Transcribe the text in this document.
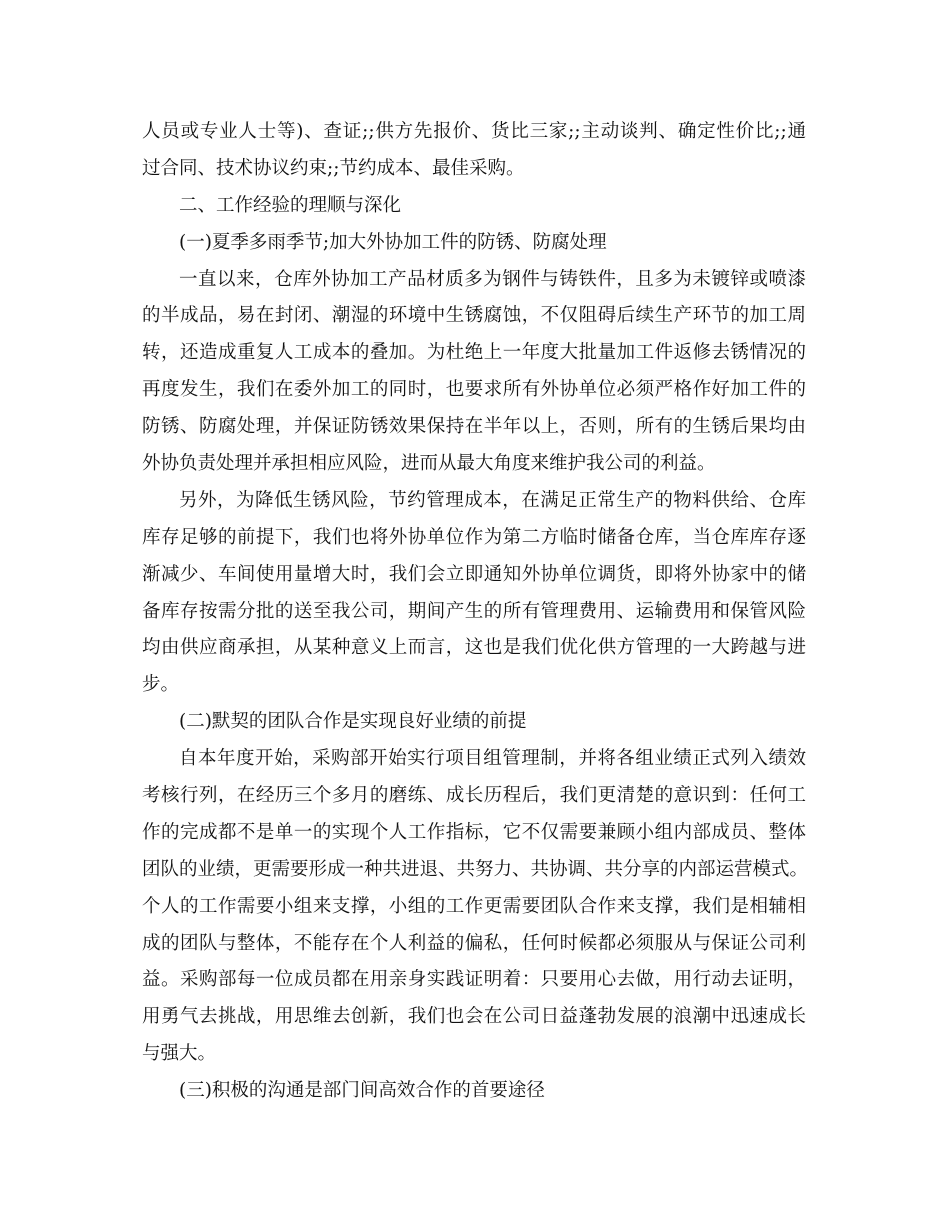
人员或专业人士等)、查证;;供方先报价、货比三家;;主动谈判、确定性价比;;通
过合同、技术协议约束;;节约成本、最佳采购。
二、工作经验的理顺与深化
(一)夏季多雨季节;加大外协加工件的防锈、防腐处理
一直以来，仓库外协加工产品材质多为钢件与铸铁件，且多为未镀锌或喷漆
的半成品，易在封闭、潮湿的环境中生锈腐蚀，不仅阻碍后续生产环节的加工周
转，还造成重复人工成本的叠加。为杜绝上一年度大批量加工件返修去锈情况的
再度发生，我们在委外加工的同时，也要求所有外协单位必须严格作好加工件的
防锈、防腐处理，并保证防锈效果保持在半年以上，否则，所有的生锈后果均由
外协负责处理并承担相应风险，进而从最大角度来维护我公司的利益。
另外，为降低生锈风险，节约管理成本，在满足正常生产的物料供给、仓库
库存足够的前提下，我们也将外协单位作为第二方临时储备仓库，当仓库库存逐
渐减少、车间使用量增大时，我们会立即通知外协单位调货，即将外协家中的储
备库存按需分批的送至我公司，期间产生的所有管理费用、运输费用和保管风险
均由供应商承担，从某种意义上而言，这也是我们优化供方管理的一大跨越与进
步。
(二)默契的团队合作是实现良好业绩的前提
自本年度开始，采购部开始实行项目组管理制，并将各组业绩正式列入绩效
考核行列，在经历三个多月的磨练、成长历程后，我们更清楚的意识到：任何工
作的完成都不是单一的实现个人工作指标，它不仅需要兼顾小组内部成员、整体
团队的业绩，更需要形成一种共进退、共努力、共协调、共分享的内部运营模式。
个人的工作需要小组来支撑，小组的工作更需要团队合作来支撑，我们是相辅相
成的团队与整体，不能存在个人利益的偏私，任何时候都必须服从与保证公司利
益。采购部每一位成员都在用亲身实践证明着：只要用心去做，用行动去证明，
用勇气去挑战，用思维去创新，我们也会在公司日益蓬勃发展的浪潮中迅速成长
与强大。
(三)积极的沟通是部门间高效合作的首要途径
